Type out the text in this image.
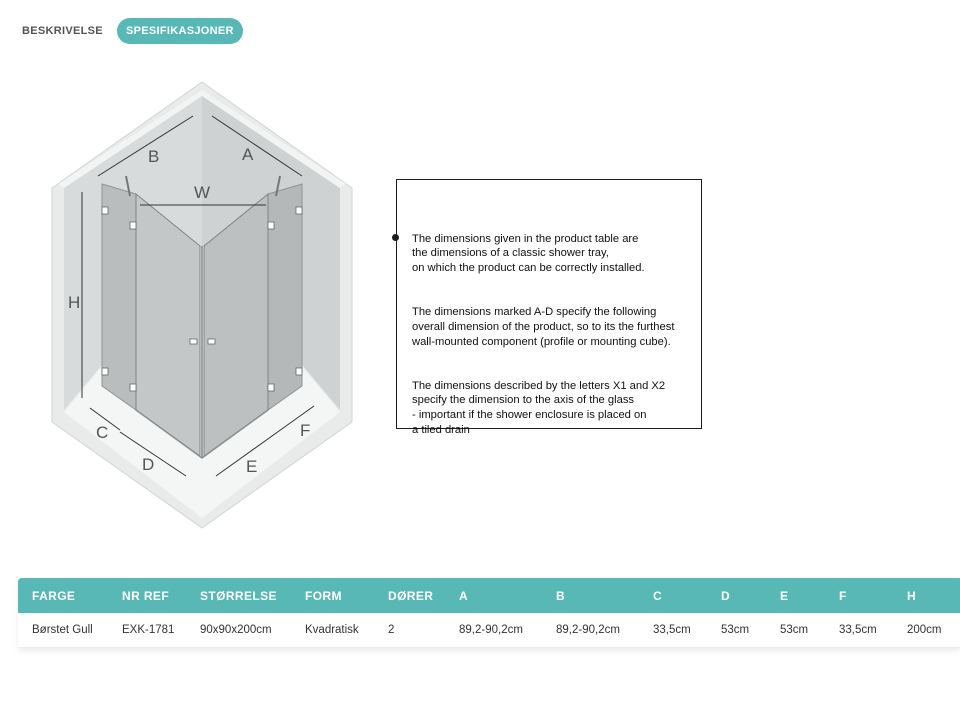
BESKRIVELSE	SPESIFIKASJONER
B	A
W
H
C
D	E
F

The dimensions given in the product table are
the dimensions of a classic shower tray,
on which the product can be correctly installed.

The dimensions marked A-D specify the following
overall dimension of the product, so to its the furthest
wall-mounted component (profile or mounting cube).

The dimensions described by the letters X1 and X2
specify the dimension to the axis of the glass
- important if the shower enclosure is placed on
a tiled drain

FARGE	NR REF	STØRRELSE	FORM	DØRER	A	B	C	D	E	F	H
Børstet Gull	EXK-1781	90x90x200cm	Kvadratisk	2	89,2-90,2cm	89,2-90,2cm	33,5cm	53cm	53cm	33,5cm	200cm
